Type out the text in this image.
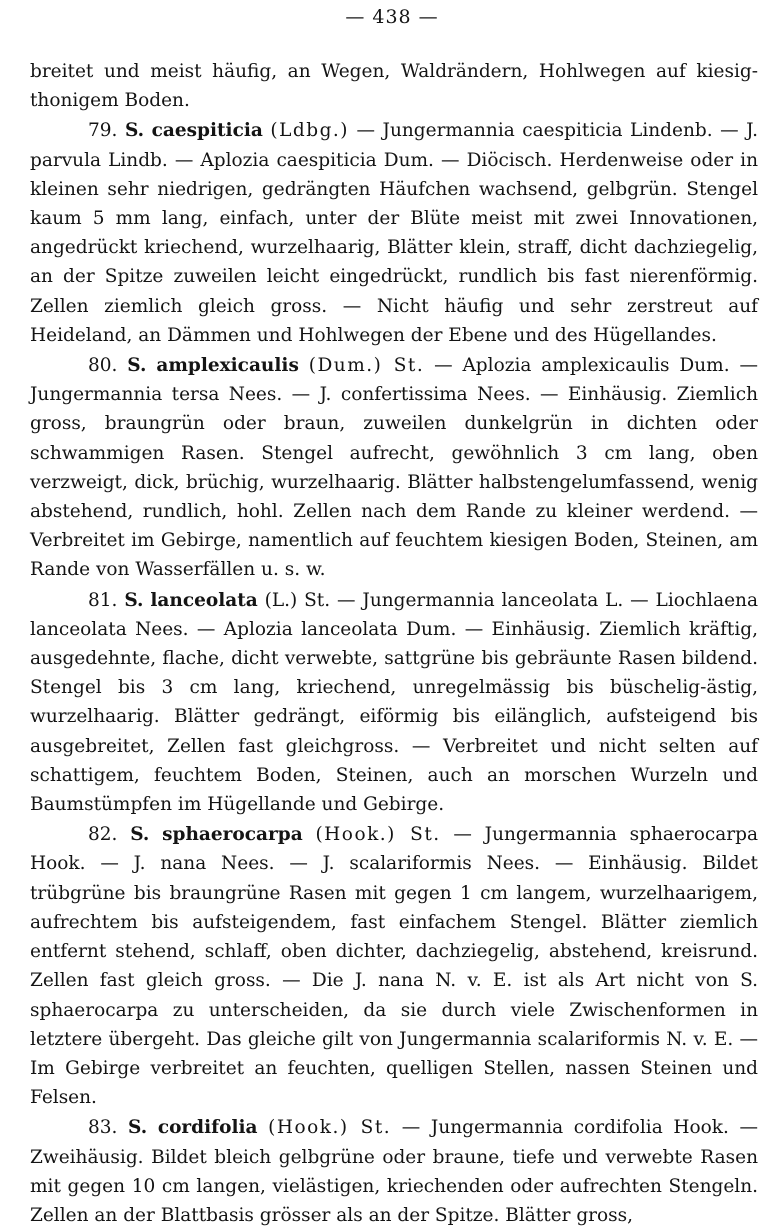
— 438 —

breitet und meist häufig, an Wegen, Waldrändern, Hohlwegen auf kiesig-thonigem Boden.

79. S. caespiticia (Ldbg.) — Jungermannia caespiticia Lindenb. — J. parvula Lindb. — Aplozia caespiticia Dum. — Diöcisch. Herdenweise oder in kleinen sehr niedrigen, gedrängten Häufchen wachsend, gelbgrün. Stengel kaum 5 mm lang, einfach, unter der Blüte meist mit zwei Innovationen, angedrückt kriechend, wurzelhaarig, Blätter klein, straff, dicht dachziegelig, an der Spitze zuweilen leicht eingedrückt, rundlich bis fast nierenförmig. Zellen ziemlich gleich gross. — Nicht häufig und sehr zerstreut auf Heideland, an Dämmen und Hohlwegen der Ebene und des Hügellandes.

80. S. amplexicaulis (Dum.) St. — Aplozia amplexicaulis Dum. — Jungermannia tersa Nees. — J. confertissima Nees. — Einhäusig. Ziemlich gross, braungrün oder braun, zuweilen dunkelgrün in dichten oder schwammigen Rasen. Stengel aufrecht, gewöhnlich 3 cm lang, oben verzweigt, dick, brüchig, wurzelhaarig. Blätter halbstengelumfassend, wenig abstehend, rundlich, hohl. Zellen nach dem Rande zu kleiner werdend. — Verbreitet im Gebirge, namentlich auf feuchtem kiesigen Boden, Steinen, am Rande von Wasserfällen u. s. w.

81. S. lanceolata (L.) St. — Jungermannia lanceolata L. — Liochlaena lanceolata Nees. — Aplozia lanceolata Dum. — Einhäusig. Ziemlich kräftig, ausgedehnte, flache, dicht verwebte, sattgrüne bis gebräunte Rasen bildend. Stengel bis 3 cm lang, kriechend, unregelmässig bis büschelig-ästig, wurzelhaarig. Blätter gedrängt, eiförmig bis eilänglich, aufsteigend bis ausgebreitet, Zellen fast gleichgross. — Verbreitet und nicht selten auf schattigem, feuchtem Boden, Steinen, auch an morschen Wurzeln und Baumstümpfen im Hügellande und Gebirge.

82. S. sphaerocarpa (Hook.) St. — Jungermannia sphaerocarpa Hook. — J. nana Nees. — J. scalariformis Nees. — Einhäusig. Bildet trübgrüne bis braungrüne Rasen mit gegen 1 cm langem, wurzelhaarigem, aufrechtem bis aufsteigendem, fast einfachem Stengel. Blätter ziemlich entfernt stehend, schlaff, oben dichter, dachziegelig, abstehend, kreisrund. Zellen fast gleich gross. — Die J. nana N. v. E. ist als Art nicht von S. sphaerocarpa zu unterscheiden, da sie durch viele Zwischenformen in letztere übergeht. Das gleiche gilt von Jungermannia scalariformis N. v. E. — Im Gebirge verbreitet an feuchten, quelligen Stellen, nassen Steinen und Felsen.

83. S. cordifolia (Hook.) St. — Jungermannia cordifolia Hook. — Zweihäusig. Bildet bleich gelbgrüne oder braune, tiefe und verwebte Rasen mit gegen 10 cm langen, vielästigen, kriechenden oder aufrechten Stengeln. Zellen an der Blattbasis grösser als an der Spitze. Blätter gross,
